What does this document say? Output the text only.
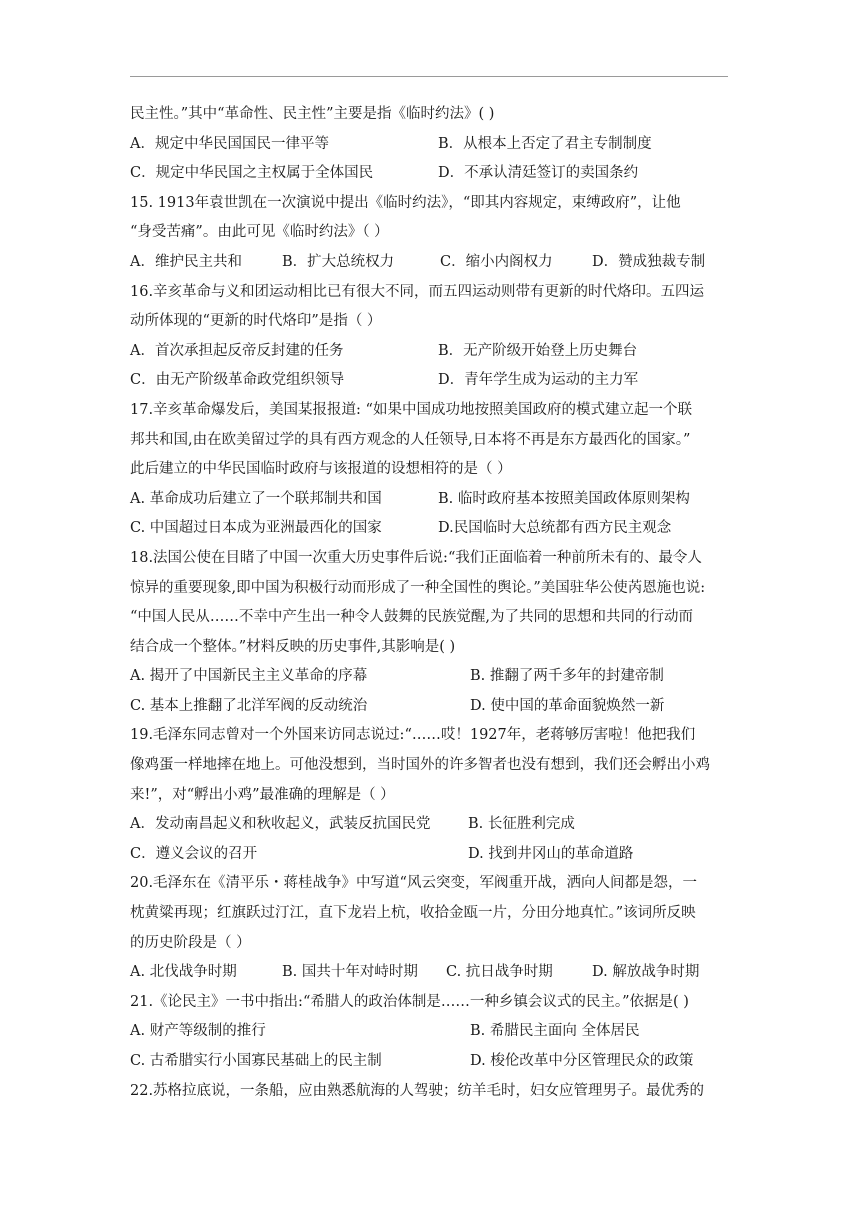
民主性。”其中“革命性、民主性”主要是指《临时约法》( )
A．规定中华民国国民一律平等	B．从根本上否定了君主专制制度
C．规定中华民国之主权属于全体国民	D．不承认清廷签订的卖国条约
15. 1913年袁世凯在一次演说中提出《临时约法》，“即其内容规定，束缚政府”，让他
“身受苦痛”。由此可见《临时约法》（ ）
A．维护民主共和	B．扩大总统权力	C．缩小内阁权力	D．赞成独裁专制
16.辛亥革命与义和团运动相比已有很大不同，而五四运动则带有更新的时代烙印。五四运
动所体现的“更新的时代烙印”是指（ ）
A．首次承担起反帝反封建的任务	B．无产阶级开始登上历史舞台
C．由无产阶级革命政党组织领导	D．青年学生成为运动的主力军
17.辛亥革命爆发后，美国某报报道: “如果中国成功地按照美国政府的模式建立起一个联
邦共和国,由在欧美留过学的具有西方观念的人任领导,日本将不再是东方最西化的国家。”
此后建立的中华民国临时政府与该报道的设想相符的是（ ）
A. 革命成功后建立了一个联邦制共和国	B. 临时政府基本按照美国政体原则架构
C. 中国超过日本成为亚洲最西化的国家	D.民国临时大总统都有西方民主观念
18.法国公使在目睹了中国一次重大历史事件后说:“我们正面临着一种前所未有的、最令人
惊异的重要现象,即中国为积极行动而形成了一种全国性的舆论。”美国驻华公使芮恩施也说:
“中国人民从……不幸中产生出一种令人鼓舞的民族觉醒,为了共同的思想和共同的行动而
结合成一个整体。”材料反映的历史事件,其影响是( )
A. 揭开了中国新民主主义革命的序幕	B. 推翻了两千多年的封建帝制
C. 基本上推翻了北洋军阀的反动统治	D. 使中国的革命面貌焕然一新
19.毛泽东同志曾对一个外国来访同志说过:“……哎！1927年，老蒋够厉害啦！他把我们
像鸡蛋一样地摔在地上。可他没想到，当时国外的许多智者也没有想到，我们还会孵出小鸡
来!”，对“孵出小鸡”最准确的理解是（ ）
A．发动南昌起义和秋收起义，武装反抗国民党	B. 长征胜利完成
C．遵义会议的召开	D. 找到井冈山的革命道路
20.毛泽东在《清平乐・蒋桂战争》中写道“风云突变，军阀重开战，洒向人间都是怨，一
枕黄粱再现；红旗跃过汀江，直下龙岩上杭，收拾金瓯一片，分田分地真忙。”该词所反映
的历史阶段是（ ）
A. 北伐战争时期	B. 国共十年对峙时期 C. 抗日战争时期	D. 解放战争时期
21.《论民主》一书中指出:“希腊人的政治体制是……一种乡镇会议式的民主。”依据是( )
A. 财产等级制的推行	B. 希腊民主面向 全体居民
C. 古希腊实行小国寡民基础上的民主制	D. 梭伦改革中分区管理民众的政策
22.苏格拉底说，一条船，应由熟悉航海的人驾驶；纺羊毛时，妇女应管理男子。最优秀的
